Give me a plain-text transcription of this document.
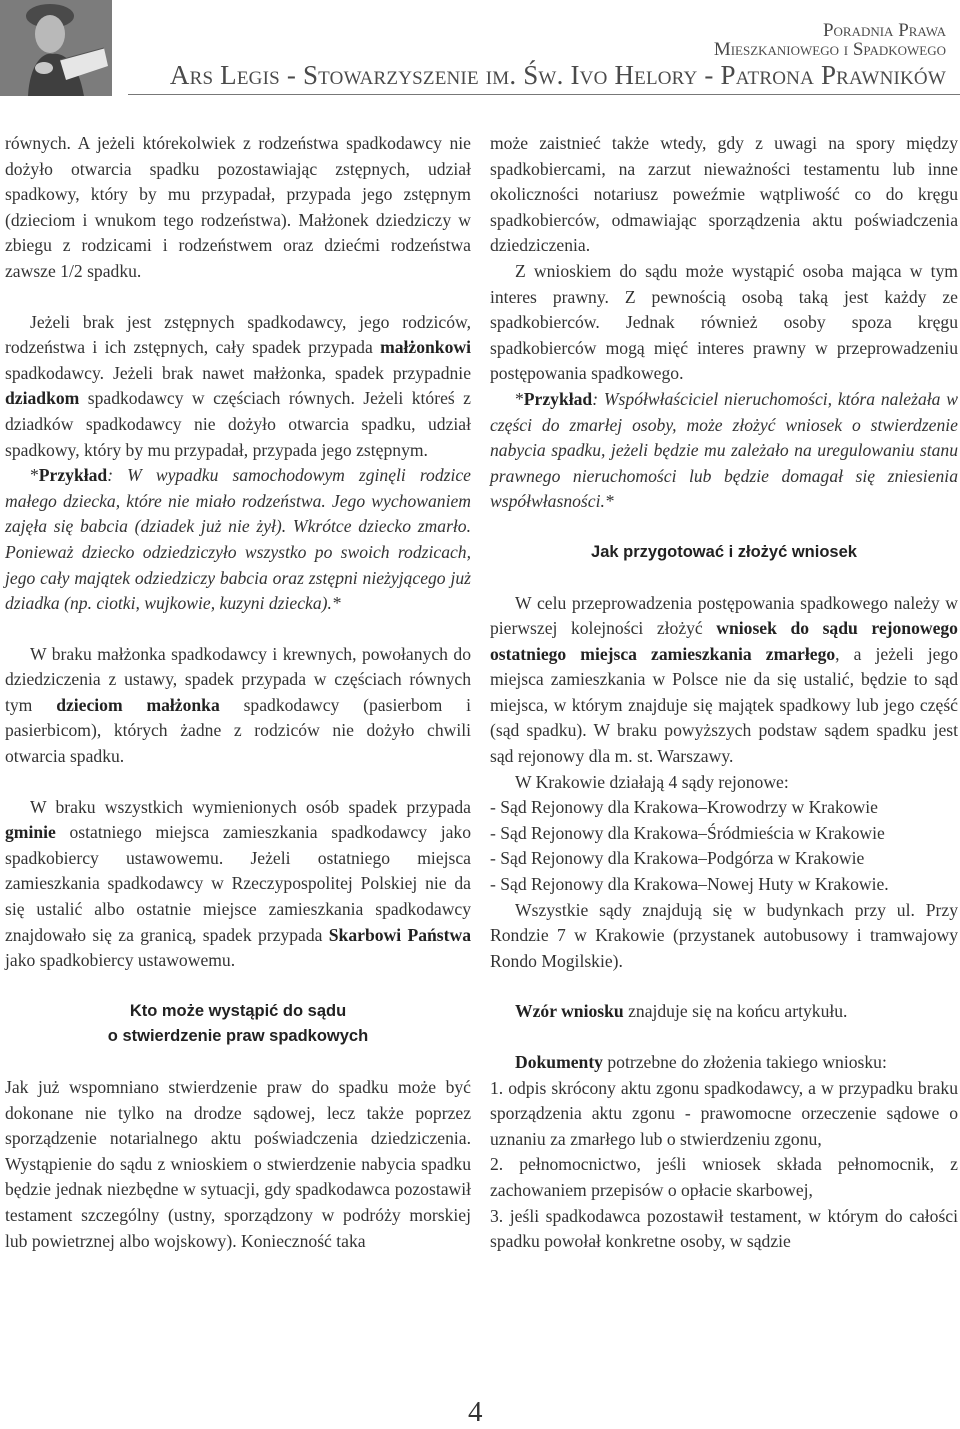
Poradnia Prawa
Mieszkaniowego i Spadkowego
Ars Legis - Stowarzyszenie im. Św. Ivo Helory - Patrona Prawników

równych. A jeżeli którekolwiek z rodzeństwa spadkodawcy nie dożyło otwarcia spadku pozostawiając zstępnych, udział spadkowy, który by mu przypadał, przypada jego zstępnym (dzieciom i wnukom tego rodzeństwa). Małżonek dziedziczy w zbiegu z rodzicami i rodzeństwem oraz dziećmi rodzeństwa zawsze 1/2 spadku.

Jeżeli brak jest zstępnych spadkodawcy, jego rodziców, rodzeństwa i ich zstępnych, cały spadek przypada małżonkowi spadkodawcy. Jeżeli brak nawet małżonka, spadek przypadnie dziadkom spadkodawcy w częściach równych. Jeżeli któreś z dziadków spadkodawcy nie dożyło otwarcia spadku, udział spadkowy, który by mu przypadał, przypada jego zstępnym.

*Przykład: W wypadku samochodowym zginęli rodzice małego dziecka, które nie miało rodzeństwa. Jego wychowaniem zajęła się babcia (dziadek już nie żył). Wkrótce dziecko zmarło. Ponieważ dziecko odziedziczyło wszystko po swoich rodzicach, jego cały majątek odziedziczy babcia oraz zstępni nieżyjącego już dziadka (np. ciotki, wujkowie, kuzyni dziecka).*

W braku małżonka spadkodawcy i krewnych, powołanych do dziedziczenia z ustawy, spadek przypada w częściach równych tym dzieciom małżonka spadkodawcy (pasierbom i pasierbicom), których żadne z rodziców nie dożyło chwili otwarcia spadku.

W braku wszystkich wymienionych osób spadek przypada gminie ostatniego miejsca zamieszkania spadkodawcy jako spadkobiercy ustawowemu. Jeżeli ostatniego miejsca zamieszkania spadkodawcy w Rzeczypospolitej Polskiej nie da się ustalić albo ostatnie miejsce zamieszkania spadkodawcy znajdowało się za granicą, spadek przypada Skarbowi Państwa jako spadkobiercy ustawowemu.

Kto może wystąpić do sądu
o stwierdzenie praw spadkowych

Jak już wspomniano stwierdzenie praw do spadku może być dokonane nie tylko na drodze sądowej, lecz także poprzez sporządzenie notarialnego aktu poświadczenia dziedziczenia. Wystąpienie do sądu z wnioskiem o stwierdzenie nabycia spadku będzie jednak niezbędne w sytuacji, gdy spadkodawca pozostawił testament szczególny (ustny, sporządzony w podróży morskiej lub powietrznej albo wojskowy). Konieczność taka

może zaistnieć także wtedy, gdy z uwagi na spory między spadkobiercami, na zarzut nieważności testamentu lub inne okoliczności notariusz poweźmie wątpliwość co do kręgu spadkobierców, odmawiając sporządzenia aktu poświadczenia dziedziczenia.

Z wnioskiem do sądu może wystąpić osoba mająca w tym interes prawny. Z pewnością osobą taką jest każdy ze spadkobierców. Jednak również osoby spoza kręgu spadkobierców mogą mięć interes prawny w przeprowadzeniu postępowania spadkowego.

*Przykład: Współwłaściciel nieruchomości, która należała w części do zmarłej osoby, może złożyć wniosek o stwierdzenie nabycia spadku, jeżeli będzie mu zależało na uregulowaniu stanu prawnego nieruchomości lub będzie domagał się zniesienia współwłasności.*

Jak przygotować i złożyć wniosek

W celu przeprowadzenia postępowania spadkowego należy w pierwszej kolejności złożyć wniosek do sądu rejonowego ostatniego miejsca zamieszkania zmarłego, a jeżeli jego miejsca zamieszkania w Polsce nie da się ustalić, będzie to sąd miejsca, w którym znajduje się majątek spadkowy lub jego część (sąd spadku). W braku powyższych podstaw sądem spadku jest sąd rejonowy dla m. st. Warszawy.

W Krakowie działają 4 sądy rejonowe:

- Sąd Rejonowy dla Krakowa–Krowodrzy w Krakowie

- Sąd Rejonowy dla Krakowa–Śródmieścia w Krakowie

- Sąd Rejonowy dla Krakowa–Podgórza w Krakowie

- Sąd Rejonowy dla Krakowa–Nowej Huty w Krakowie.

Wszystkie sądy znajdują się w budynkach przy ul. Przy Rondzie 7 w Krakowie (przystanek autobusowy i tramwajowy Rondo Mogilskie).

Wzór wniosku znajduje się na końcu artykułu.

Dokumenty potrzebne do złożenia takiego wniosku:

1. odpis skrócony aktu zgonu spadkodawcy, a w przypadku braku sporządzenia aktu zgonu - prawomocne orzeczenie sądowe o uznaniu za zmarłego lub o stwierdzeniu zgonu,

2. pełnomocnictwo, jeśli wniosek składa pełnomocnik, z zachowaniem przepisów o opłacie skarbowej,

3. jeśli spadkodawca pozostawił testament, w którym do całości spadku powołał konkretne osoby, w sądzie

4
